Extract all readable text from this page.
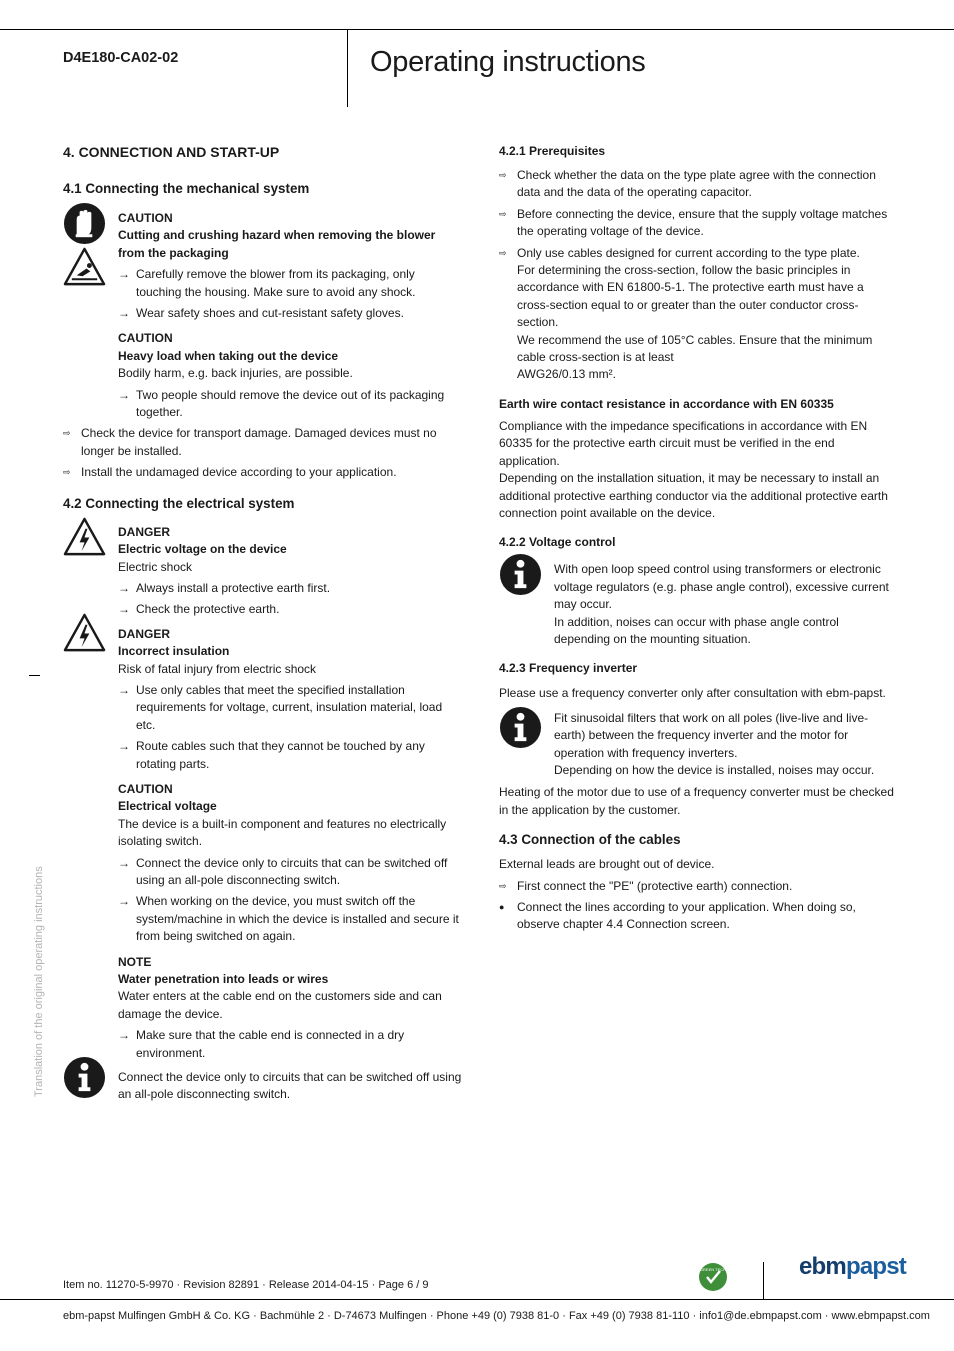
D4E180-CA02-02	Operating instructions
Translation of the original operating instructions
4. CONNECTION AND START-UP
4.1 Connecting the mechanical system
CAUTION
Cutting and crushing hazard when removing the blower from the packaging
→ Carefully remove the blower from its packaging, only touching the housing. Make sure to avoid any shock.
→ Wear safety shoes and cut-resistant safety gloves.
CAUTION
Heavy load when taking out the device
Bodily harm, e.g. back injuries, are possible.
→ Two people should remove the device out of its packaging together.
⇨ Check the device for transport damage. Damaged devices must no longer be installed.
⇨ Install the undamaged device according to your application.
4.2 Connecting the electrical system
DANGER
Electric voltage on the device
Electric shock
→ Always install a protective earth first.
→ Check the protective earth.
DANGER
Incorrect insulation
Risk of fatal injury from electric shock
→ Use only cables that meet the specified installation requirements for voltage, current, insulation material, load etc.
→ Route cables such that they cannot be touched by any rotating parts.
CAUTION
Electrical voltage
The device is a built-in component and features no electrically isolating switch.
→ Connect the device only to circuits that can be switched off using an all-pole disconnecting switch.
→ When working on the device, you must switch off the system/machine in which the device is installed and secure it from being switched on again.
NOTE
Water penetration into leads or wires
Water enters at the cable end on the customers side and can damage the device.
→ Make sure that the cable end is connected in a dry environment.
Connect the device only to circuits that can be switched off using an all-pole disconnecting switch.
4.2.1 Prerequisites
⇨ Check whether the data on the type plate agree with the connection data and the data of the operating capacitor.
⇨ Before connecting the device, ensure that the supply voltage matches the operating voltage of the device.
⇨ Only use cables designed for current according to the type plate.
For determining the cross-section, follow the basic principles in accordance with EN 61800-5-1. The protective earth must have a cross-section equal to or greater than the outer conductor cross-section.
We recommend the use of 105°C cables. Ensure that the minimum cable cross-section is at least
AWG26/0.13 mm².
Earth wire contact resistance in accordance with EN 60335
Compliance with the impedance specifications in accordance with EN 60335 for the protective earth circuit must be verified in the end application.
Depending on the installation situation, it may be necessary to install an additional protective earthing conductor via the additional protective earth connection point available on the device.
4.2.2 Voltage control
With open loop speed control using transformers or electronic voltage regulators (e.g. phase angle control), excessive current may occur.
In addition, noises can occur with phase angle control depending on the mounting situation.
4.2.3 Frequency inverter
Please use a frequency converter only after consultation with ebm-papst.
Fit sinusoidal filters that work on all poles (live-live and live-earth) between the frequency inverter and the motor for operation with frequency inverters.
Depending on how the device is installed, noises may occur.
Heating of the motor due to use of a frequency converter must be checked in the application by the customer.
4.3 Connection of the cables
External leads are brought out of device.
⇨ First connect the "PE" (protective earth) connection.
● Connect the lines according to your application. When doing so, observe chapter 4.4 Connection screen.
Item no. 11270-5-9970 · Revision 82891 · Release 2014-04-15 · Page 6 / 9
GREEN TECH	ebmpapst
ebm-papst Mulfingen GmbH & Co. KG · Bachmühle 2 · D-74673 Mulfingen · Phone +49 (0) 7938 81-0 · Fax +49 (0) 7938 81-110 · info1@de.ebmpapst.com · www.ebmpapst.com
